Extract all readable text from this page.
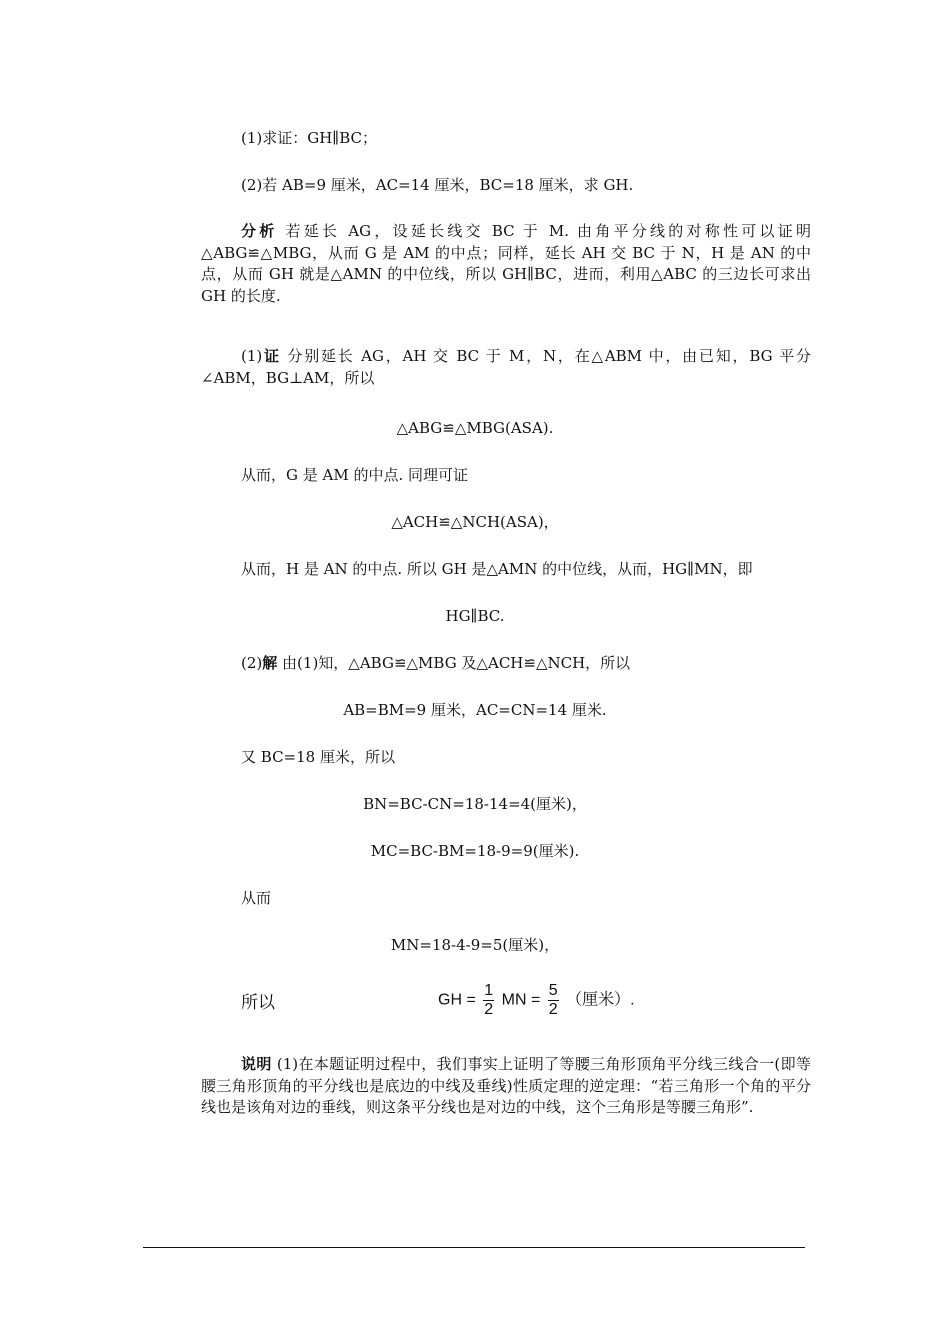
(1)求证：GH∥BC；
(2)若 AB=9 厘米，AC=14 厘米，BC=18 厘米，求 GH.
分析 若延长 AG，设延长线交 BC 于 M. 由角平分线的对称性可以证明△ABG≌△MBG，从而 G 是 AM 的中点；同样，延长 AH 交 BC 于 N，H 是 AN 的中点，从而 GH 就是△AMN 的中位线，所以 GH∥BC，进而，利用△ABC 的三边长可求出 GH 的长度.
(1)证 分别延长 AG，AH 交 BC 于 M，N，在△ABM 中，由已知，BG 平分∠ABM，BG⊥AM，所以
△ABG≌△MBG(ASA).
从而，G 是 AM 的中点. 同理可证
△ACH≌△NCH(ASA)，
从而，H 是 AN 的中点. 所以 GH 是△AMN 的中位线，从而，HG∥MN，即
HG∥BC.
(2)解 由(1)知，△ABG≌△MBG 及△ACH≌△NCH，所以
AB=BM=9 厘米，AC=CN=14 厘米.
又 BC=18 厘米，所以
BN=BC-CN=18-14=4(厘米)，
MC=BC-BM=18-9=9(厘米).
从而
MN=18-4-9=5(厘米)，
所以	GH = $\frac{1}{2}$ MN = $\frac{5}{2}$ （厘米）.
说明 (1)在本题证明过程中，我们事实上证明了等腰三角形顶角平分线三线合一(即等腰三角形顶角的平分线也是底边的中线及垂线)性质定理的逆定理：“若三角形一个角的平分线也是该角对边的垂线，则这条平分线也是对边的中线，这个三角形是等腰三角形”.
